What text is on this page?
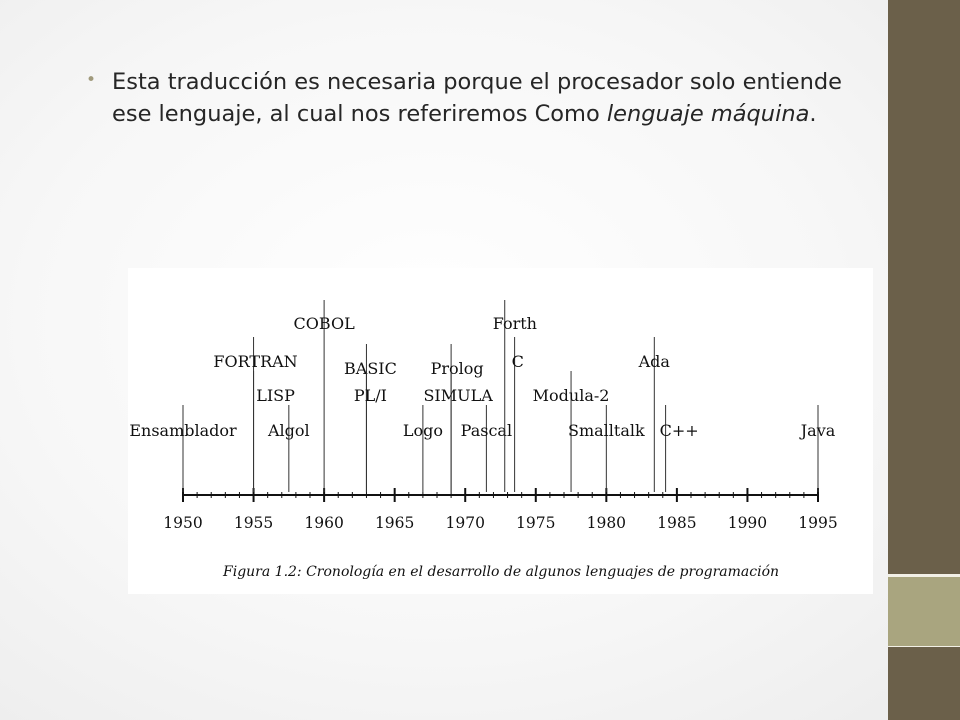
• Esta traducción es necesaria porque el procesador solo entiende ese lenguaje, al cual nos referiremos Como lenguaje máquina.
1950 1955 1960 1965 1970 1975 1980 1985 1990 1995
Ensamblador
FORTRAN
LISP
Algol
COBOL
BASIC
PL/I
Logo
Prolog
SIMULA
Pascal
Forth
C
Modula-2
Smalltalk
Ada
C++	Java
Figura 1.2: Cronología en el desarrollo de algunos lenguajes de programación
